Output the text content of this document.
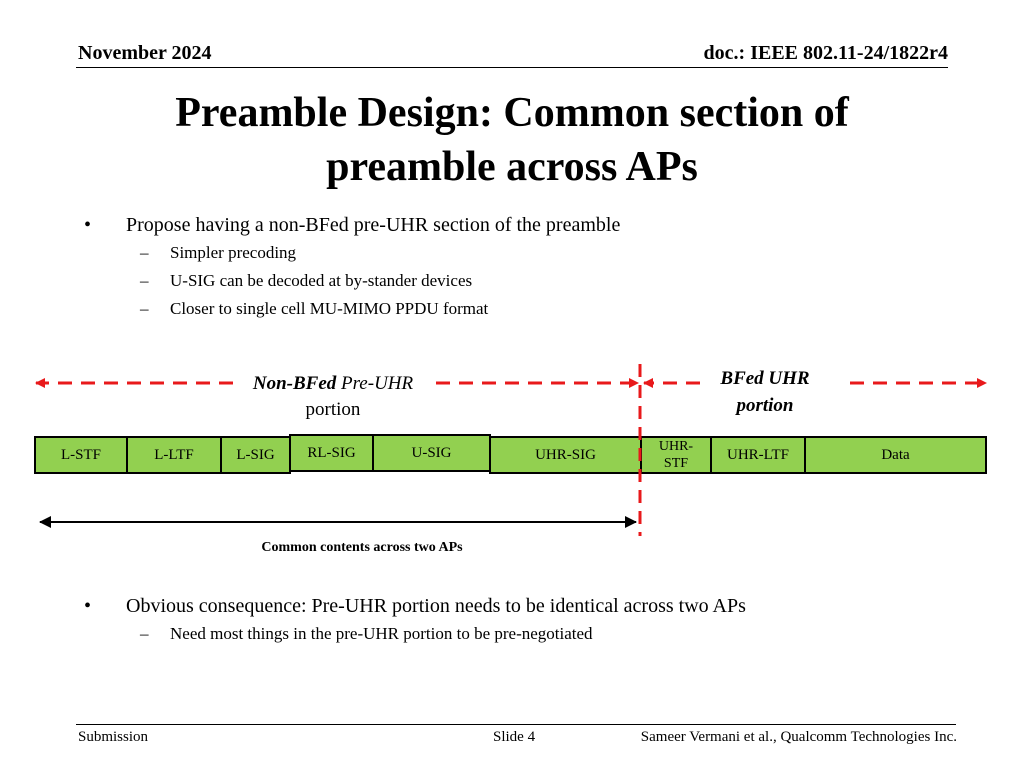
November 2024	doc.: IEEE 802.11-24/1822r4
Preamble Design: Common section of
preamble across APs
• Propose having a non-BFed pre-UHR section of the preamble
– Simpler precoding
– U-SIG can be decoded at by-stander devices
– Closer to single cell MU-MIMO PPDU format
L-STF	L-LTF	L-SIG	RL-SIG	U-SIG	UHR-SIG
UHR-
STF
UHR-LTF	Data
Non-BFed Pre-UHR
portion
BFed UHR
portion
Common contents across two APs
• Obvious consequence: Pre-UHR portion needs to be identical across two APs
– Need most things in the pre-UHR portion to be pre-negotiated
Submission	Slide 4	Sameer Vermani et al., Qualcomm Technologies Inc.
